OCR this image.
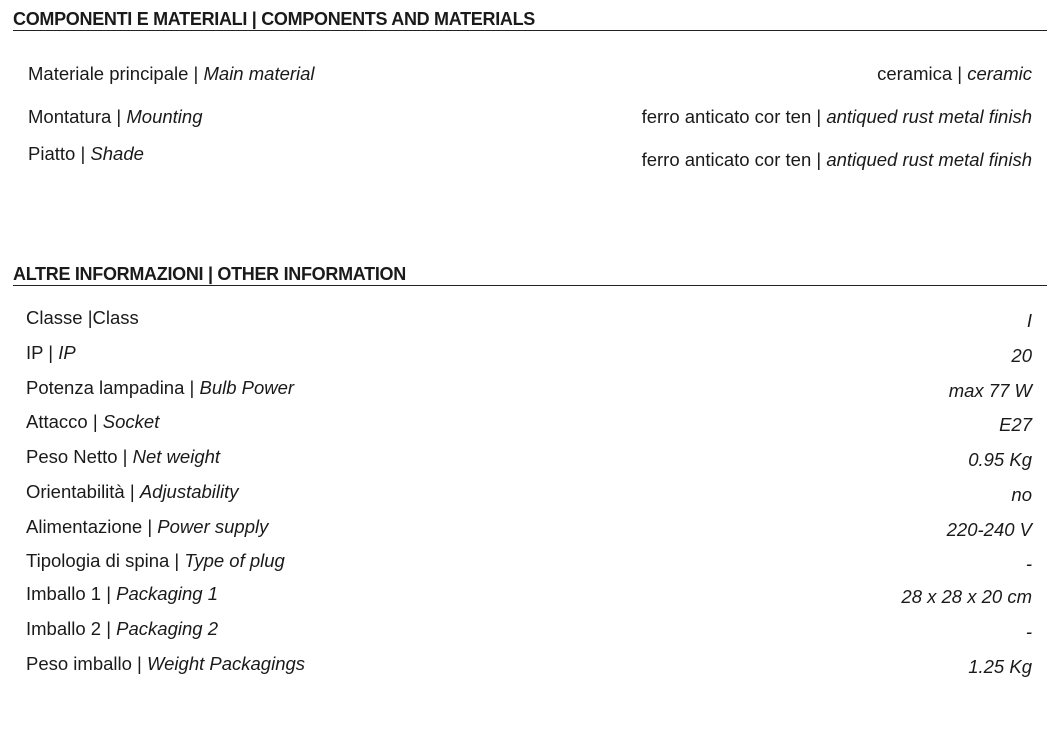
COMPONENTI E MATERIALI | COMPONENTS AND MATERIALS
Materiale principale | Main material	ceramica | ceramic
Montatura | Mounting	ferro anticato cor ten | antiqued rust metal finish
Piatto | Shade	ferro anticato cor ten | antiqued rust metal finish
ALTRE INFORMAZIONI | OTHER INFORMATION
Classe |Class	I
IP | IP	20
Potenza lampadina | Bulb Power	max 77 W
Attacco | Socket	E27
Peso Netto | Net weight	0.95 Kg
Orientabilità | Adjustability	no
Alimentazione | Power supply	220-240 V
Tipologia di spina | Type of plug	-
Imballo 1 | Packaging 1	28 x 28 x 20 cm
Imballo 2 | Packaging 2	-
Peso imballo | Weight Packagings	1.25 Kg
